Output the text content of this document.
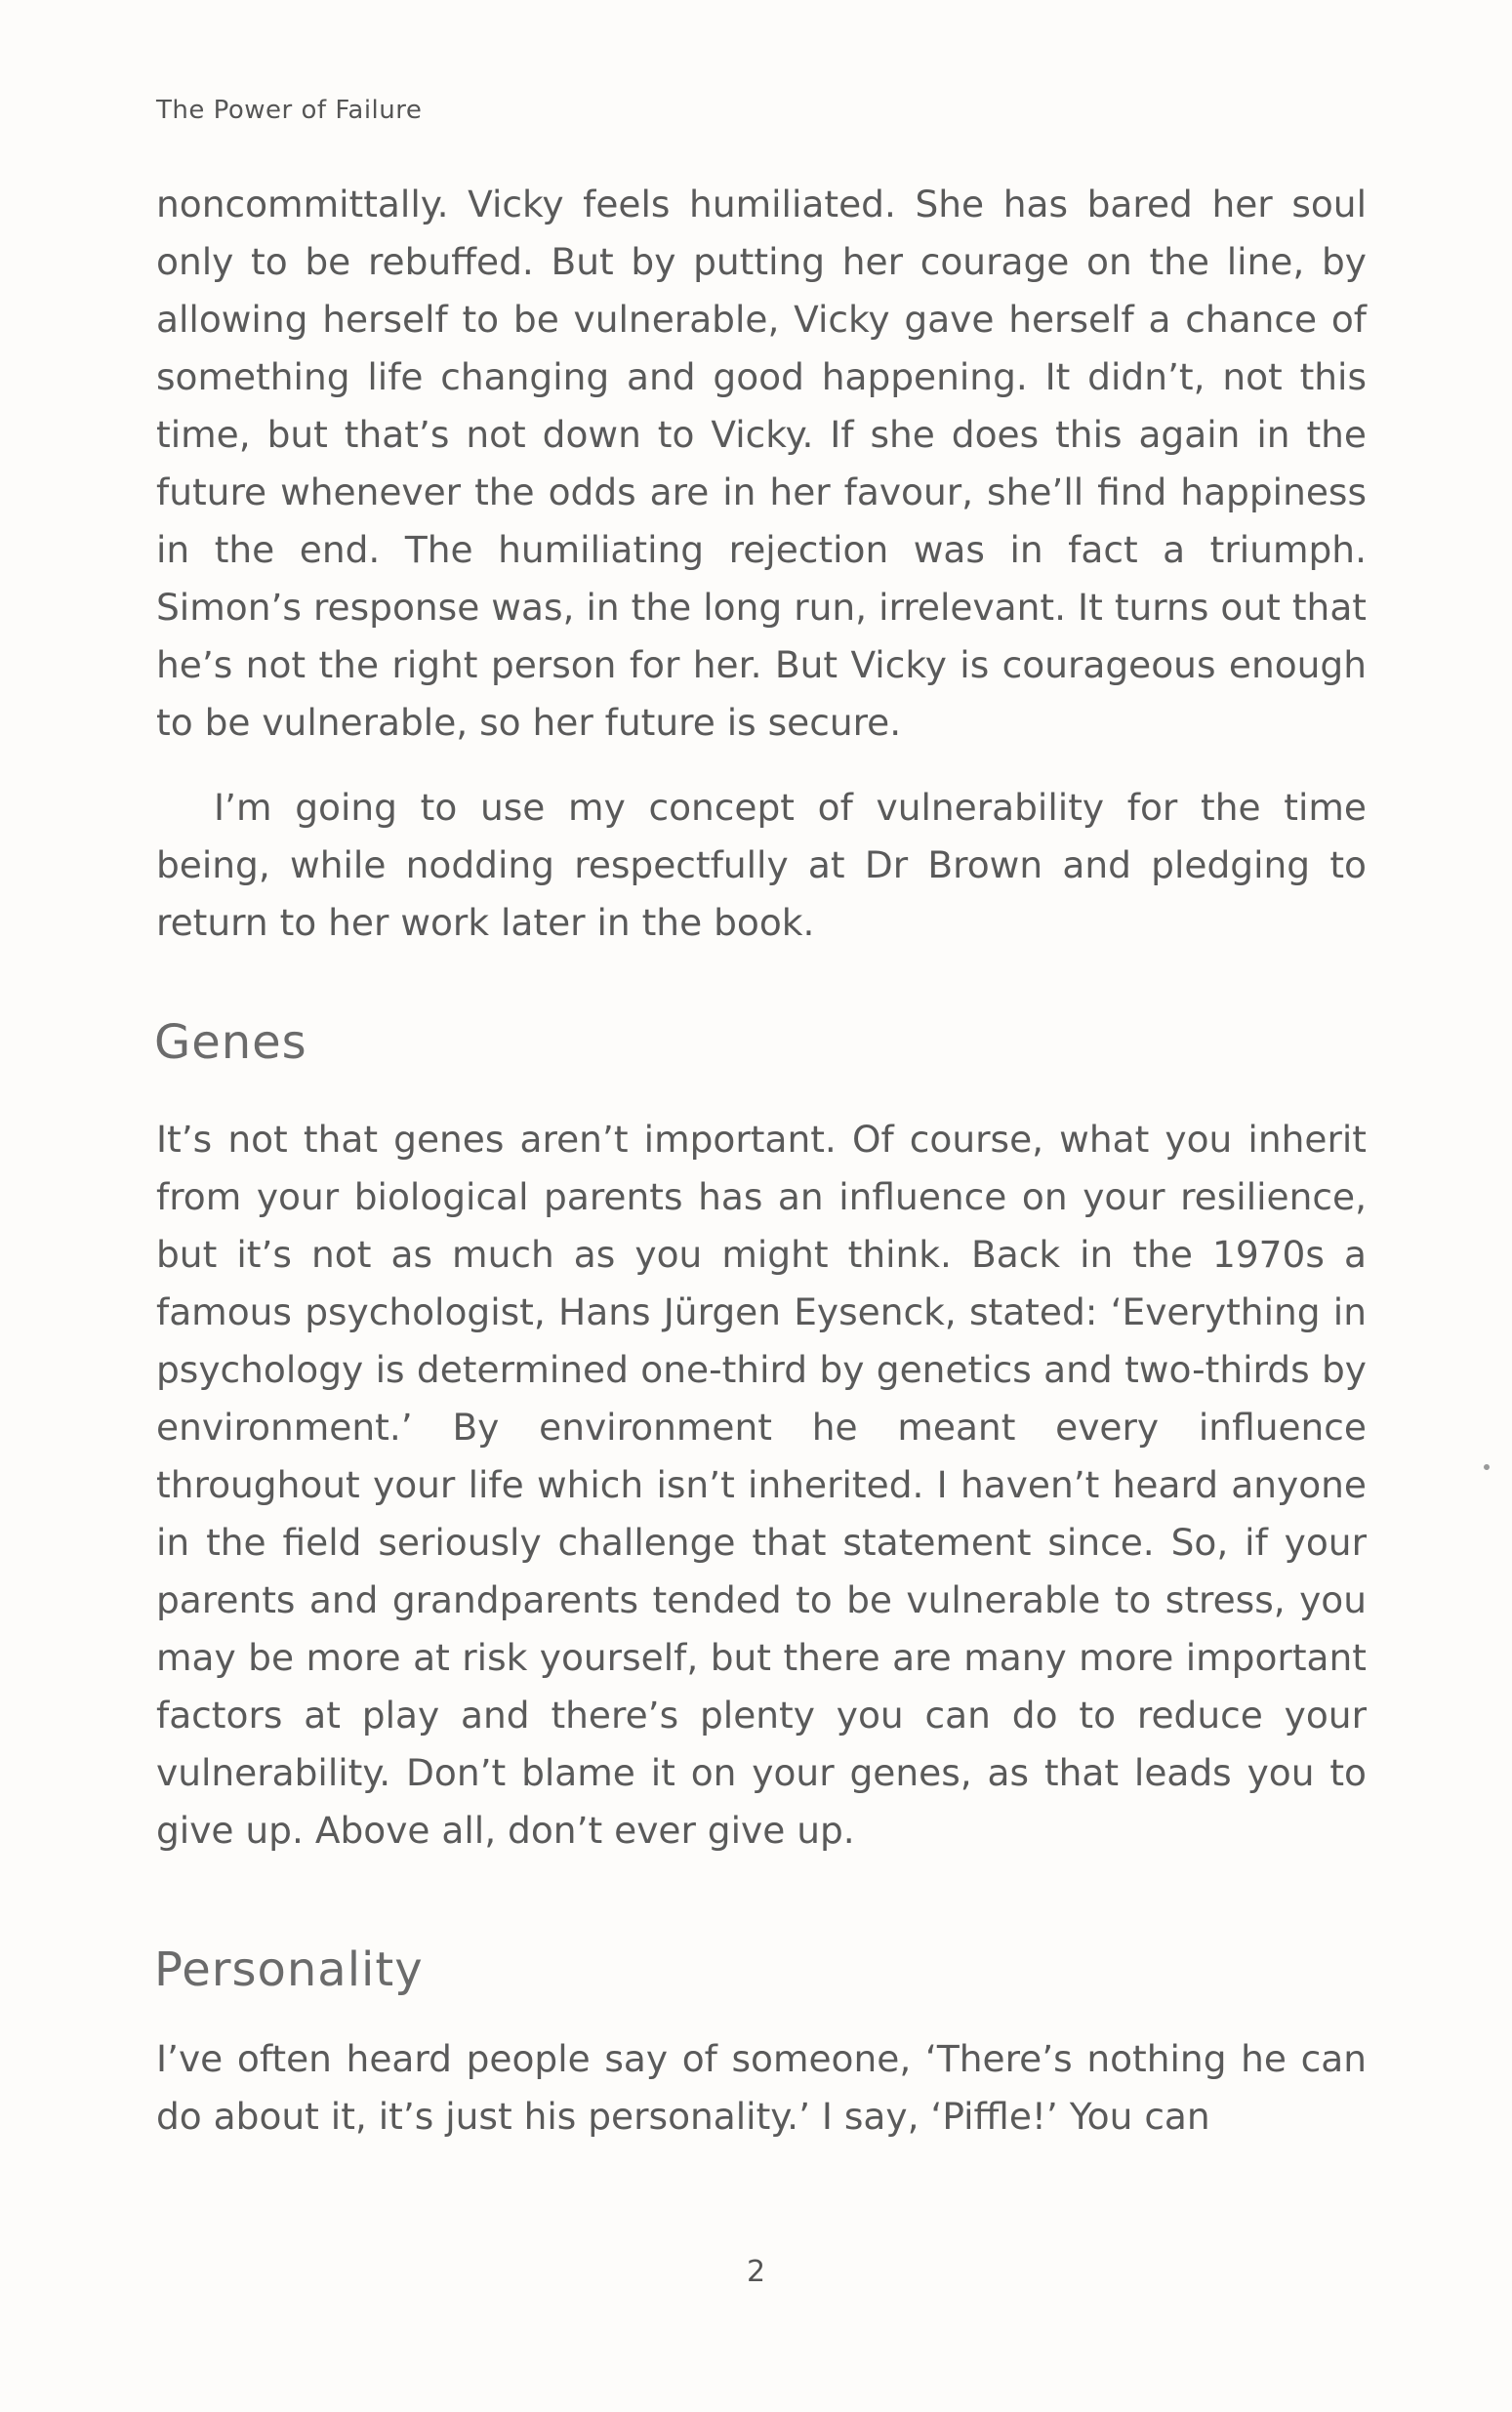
The Power of Failure

noncommittally. Vicky feels humiliated. She has bared her soul only to be rebuffed. But by putting her courage on the line, by allowing herself to be vulnerable, Vicky gave herself a chance of something life changing and good happening. It didn’t, not this time, but that’s not down to Vicky. If she does this again in the future whenever the odds are in her favour, she’ll find happiness in the end. The humiliating rejection was in fact a triumph. Simon’s response was, in the long run, irrelevant. It turns out that he’s not the right person for her. But Vicky is courageous enough to be vulnerable, so her future is secure.

I’m going to use my concept of vulnerability for the time being, while nodding respectfully at Dr Brown and pledging to return to her work later in the book.

Genes

It’s not that genes aren’t important. Of course, what you inherit from your biological parents has an influence on your resilience, but it’s not as much as you might think. Back in the 1970s a famous psychologist, Hans Jürgen Eysenck, stated: ‘Everything in psychology is determined one-third by genetics and two-thirds by environment.’ By environment he meant every influence throughout your life which isn’t inherited. I haven’t heard anyone in the field seriously challenge that statement since. So, if your parents and grandparents tended to be vulnerable to stress, you may be more at risk yourself, but there are many more important factors at play and there’s plenty you can do to reduce your vulnerability. Don’t blame it on your genes, as that leads you to give up. Above all, don’t ever give up.

Personality

I’ve often heard people say of someone, ‘There’s nothing he can do about it, it’s just his personality.’ I say, ‘Piffle!’ You can

2
